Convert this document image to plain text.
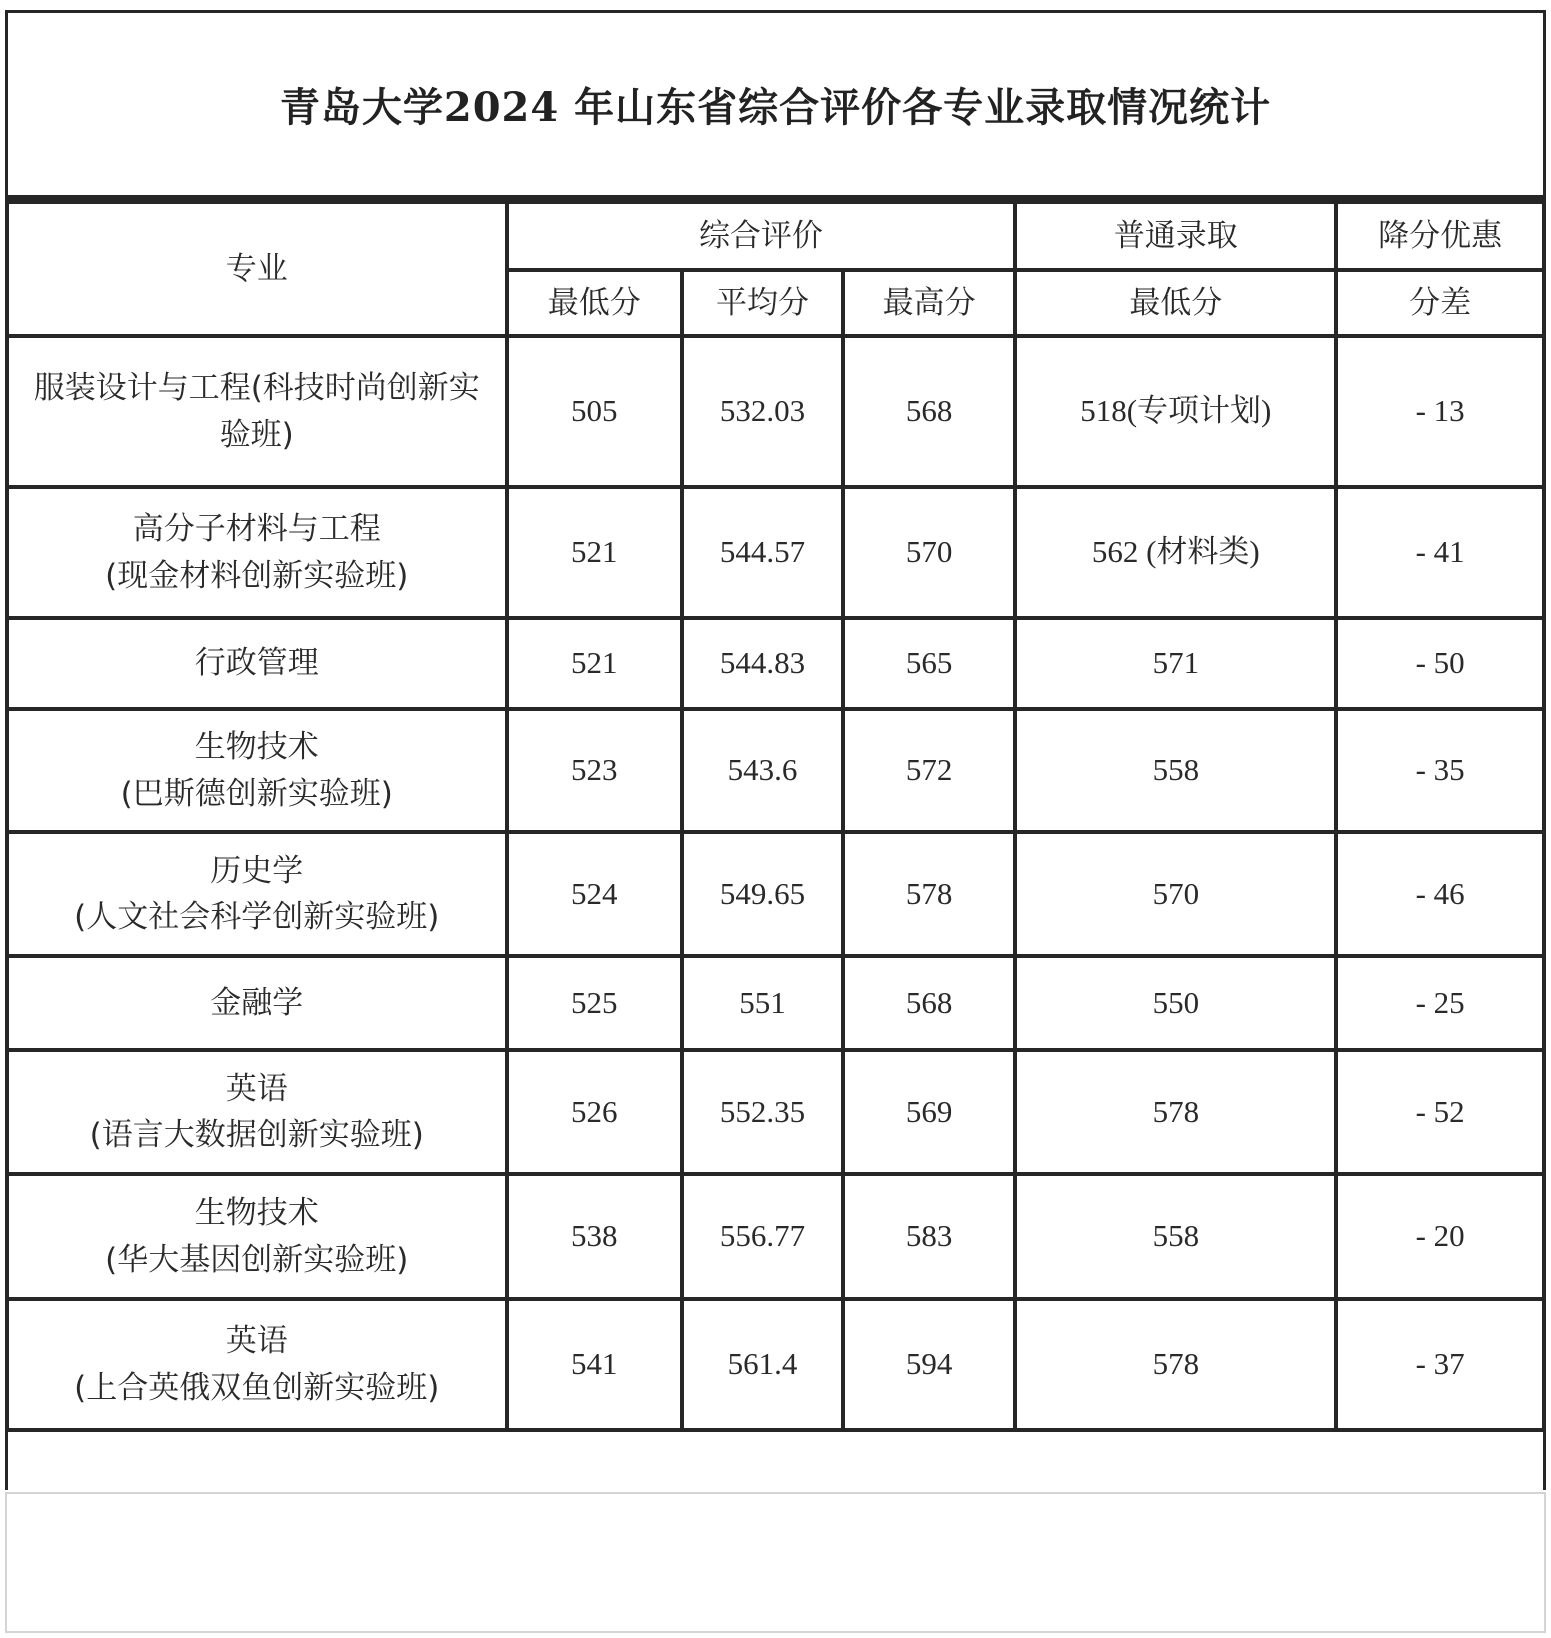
青岛大学2024 年山东省综合评价各专业录取情况统计
专业	综合评价			普通录取	降分优惠
	最低分	平均分	最高分	最低分	分差

服装设计与工程(科技时尚创新实
验班)	505	532.03	568	518(专项计划)	- 13

高分子材料与工程
(现金材料创新实验班)	521	544.57	570	562 (材料类)	- 41

行政管理	521	544.83	565	571	- 50

生物技术
(巴斯德创新实验班)	523	543.6	572	558	- 35

历史学
(人文社会科学创新实验班)	524	549.65	578	570	- 46

金融学	525	551	568	550	- 25

英语
(语言大数据创新实验班)	526	552.35	569	578	- 52

生物技术
(华大基因创新实验班)	538	556.77	583	558	- 20

英语
(上合英俄双鱼创新实验班)	541	561.4	594	578	- 37
